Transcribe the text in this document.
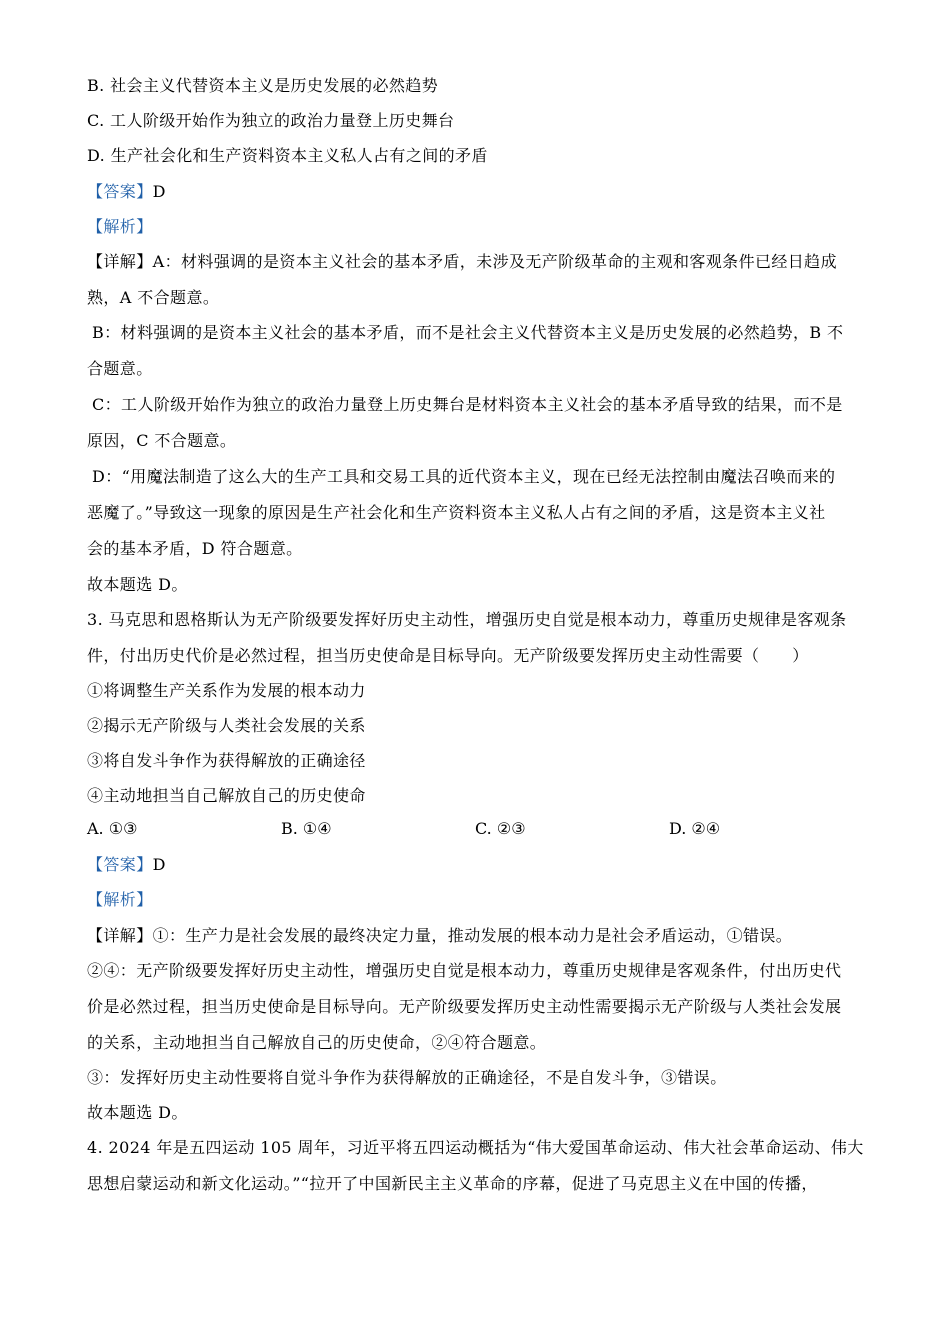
B. 社会主义代替资本主义是历史发展的必然趋势
C. 工人阶级开始作为独立的政治力量登上历史舞台
D. 生产社会化和生产资料资本主义私人占有之间的矛盾
【答案】D
【解析】
【详解】A：材料强调的是资本主义社会的基本矛盾，未涉及无产阶级革命的主观和客观条件已经日趋成
熟，A 不合题意。
B：材料强调的是资本主义社会的基本矛盾，而不是社会主义代替资本主义是历史发展的必然趋势，B 不
合题意。
C：工人阶级开始作为独立的政治力量登上历史舞台是材料资本主义社会的基本矛盾导致的结果，而不是
原因，C 不合题意。
D：“用魔法制造了这么大的生产工具和交易工具的近代资本主义，现在已经无法控制由魔法召唤而来的
恶魔了。”导致这一现象的原因是生产社会化和生产资料资本主义私人占有之间的矛盾，这是资本主义社
会的基本矛盾，D 符合题意。
故本题选 D。
3. 马克思和恩格斯认为无产阶级要发挥好历史主动性，增强历史自觉是根本动力，尊重历史规律是客观条
件，付出历史代价是必然过程，担当历史使命是目标导向。无产阶级要发挥历史主动性需要（　　）
①将调整生产关系作为发展的根本动力
②揭示无产阶级与人类社会发展的关系
③将自发斗争作为获得解放的正确途径
④主动地担当自己解放自己的历史使命
A. ①③	B. ①④	C. ②③	D. ②④
【答案】D
【解析】
【详解】①：生产力是社会发展的最终决定力量，推动发展的根本动力是社会矛盾运动，①错误。
②④：无产阶级要发挥好历史主动性，增强历史自觉是根本动力，尊重历史规律是客观条件，付出历史代
价是必然过程，担当历史使命是目标导向。无产阶级要发挥历史主动性需要揭示无产阶级与人类社会发展
的关系，主动地担当自己解放自己的历史使命，②④符合题意。
③：发挥好历史主动性要将自觉斗争作为获得解放的正确途径，不是自发斗争，③错误。
故本题选 D。
4. 2024 年是五四运动 105 周年，习近平将五四运动概括为“伟大爱国革命运动、伟大社会革命运动、伟大
思想启蒙运动和新文化运动。”“拉开了中国新民主主义革命的序幕，促进了马克思主义在中国的传播，
